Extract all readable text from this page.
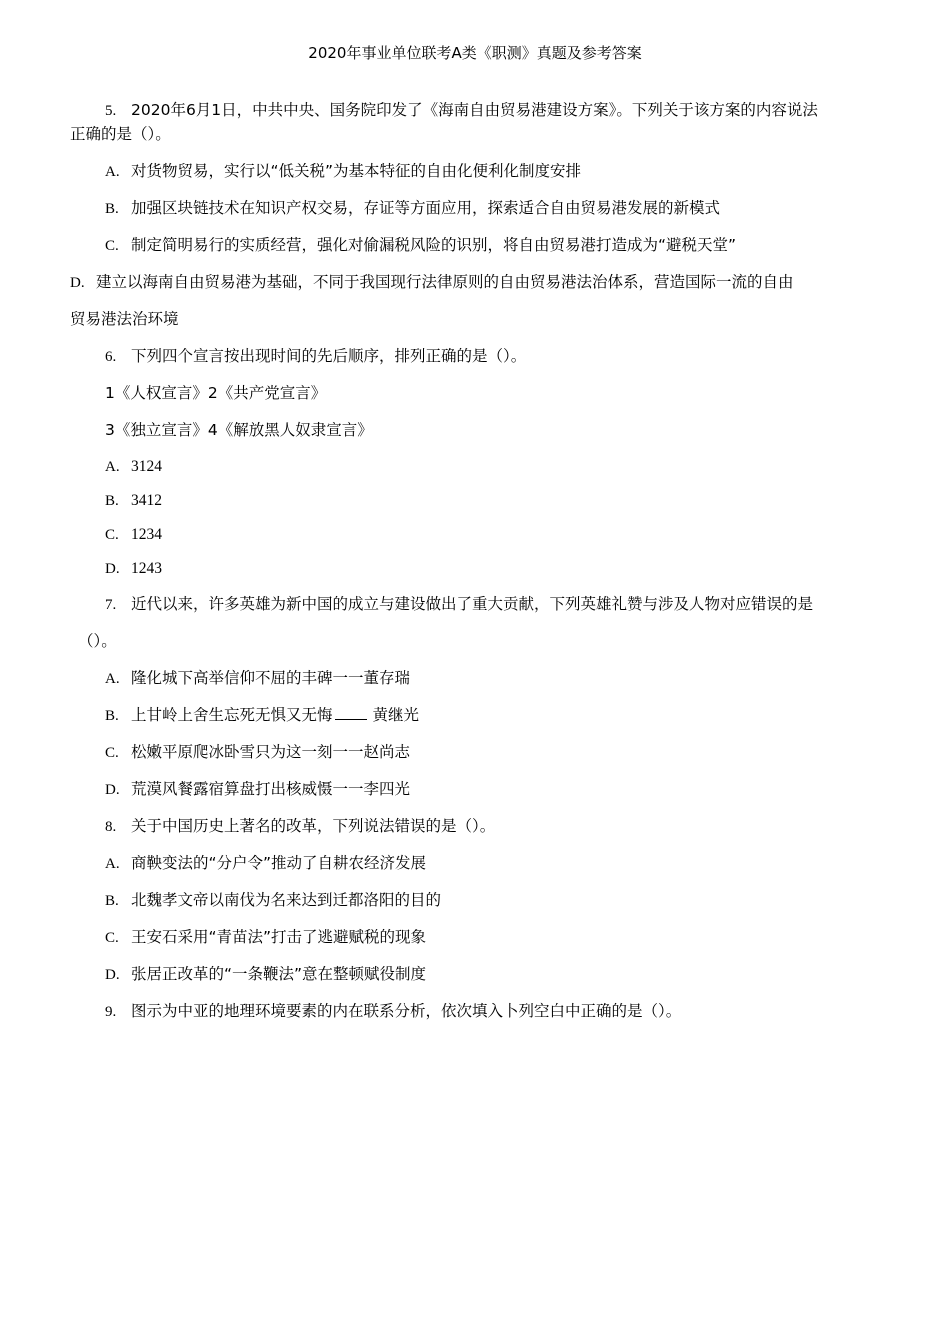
2020年事业单位联考A类《职测》真题及参考答案
5. 2020年6月1日，中共中央、国务院印发了《海南自由贸易港建设方案》。下列关于该方案的内容说法
正确的是（）。
A. 对货物贸易，实行以“低关税”为基本特征的自由化便利化制度安排
B. 加强区块链技术在知识产权交易，存证等方面应用，探索适合自由贸易港发展的新模式
C. 制定简明易行的实质经营，强化对偷漏税风险的识别，将自由贸易港打造成为“避税天堂”
D. 建立以海南自由贸易港为基础，不同于我国现行法律原则的自由贸易港法治体系，营造国际一流的自由
贸易港法治环境
6. 下列四个宣言按出现时间的先后顺序，排列正确的是（）。
1《人权宣言》2《共产党宣言》
3《独立宣言》4《解放黑人奴隶宣言》
A. 3124
B. 3412
C. 1234
D. 1243
7. 近代以来，许多英雄为新中国的成立与建设做出了重大贡献，下列英雄礼赞与涉及人物对应错误的是
（）。
A. 隆化城下高举信仰不屈的丰碑一一董存瑞
B. 上甘岭上舍生忘死无惧又无悔	黄继光
C. 松嫩平原爬冰卧雪只为这一刻一一赵尚志
D. 荒漠风餐露宿算盘打出核威慑一一李四光
8. 关于中国历史上著名的改革，下列说法错误的是（）。
A. 商鞅变法的“分户令”推动了自耕农经济发展
B. 北魏孝文帝以南伐为名来达到迁都洛阳的目的
C. 王安石采用“青苗法”打击了逃避赋税的现象
D. 张居正改革的“一条鞭法”意在整顿赋役制度
9. 图示为中亚的地理环境要素的内在联系分析，依次填入卜列空白中正确的是（）。
